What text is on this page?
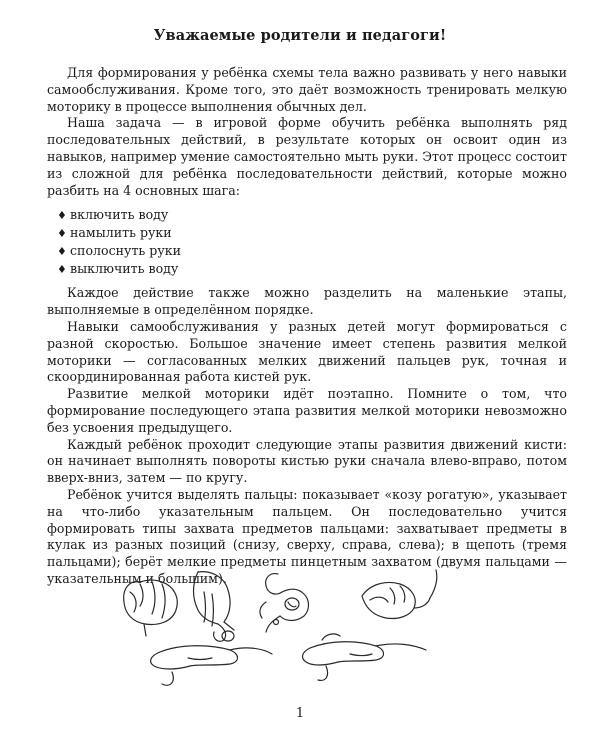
Уважаемые родители и педагоги!

Для формирования у ребёнка схемы тела важно развивать у него навыки самообслуживания. Кроме того, это даёт возможность тренировать мелкую моторику в процессе выполнения обычных дел.

Наша задача — в игровой форме обучить ребёнка выполнять ряд последовательных действий, в результате которых он освоит один из навыков, например умение самостоятельно мыть руки. Этот процесс состоит из сложной для ребёнка последовательности действий, которые можно разбить на 4 основных шага:

♦ включить воду
♦ намылить руки
♦ сполоснуть руки
♦ выключить воду

Каждое действие также можно разделить на маленькие этапы, выполняемые в определённом порядке.

Навыки самообслуживания у разных детей могут формироваться с разной скоростью. Большое значение имеет степень развития мелкой моторики — согласованных мелких движений пальцев рук, точная и скоординированная работа кистей рук.

Развитие мелкой моторики идёт поэтапно. Помните о том, что формирование последующего этапа развития мелкой моторики невозможно без усвоения предыдущего.

Каждый ребёнок проходит следующие этапы развития движений кисти: он начинает выполнять повороты кистью руки сначала влево-вправо, потом вверх-вниз, затем — по кругу.

Ребёнок учится выделять пальцы: показывает «козу рогатую», указывает на что-либо указательным пальцем. Он последовательно учится формировать типы захвата предметов пальцами: захватывает предметы в кулак из разных позиций (снизу, сверху, справа, слева); в щепоть (тремя пальцами); берёт мелкие предметы пинцетным захватом (двумя пальцами — указательным и большим).

1
